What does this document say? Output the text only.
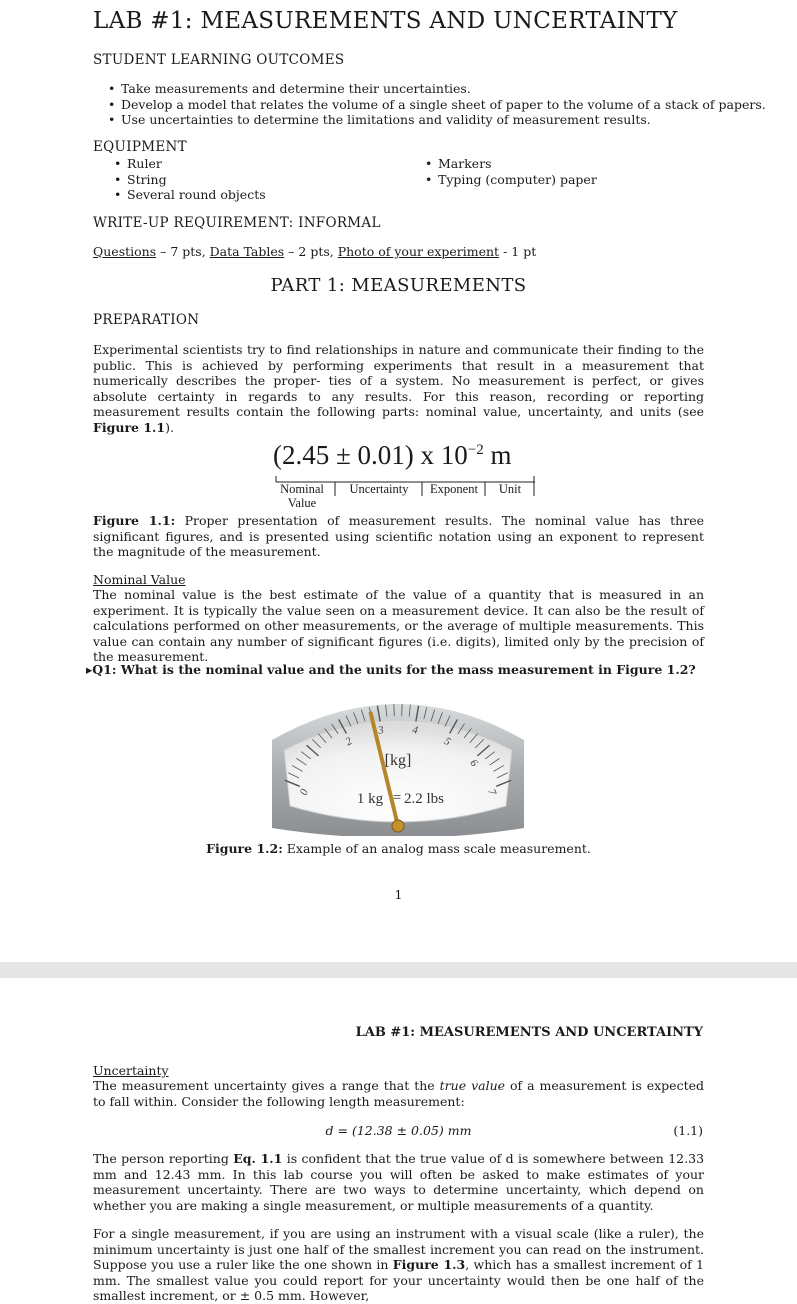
LAB #1: MEASUREMENTS AND UNCERTAINTY
STUDENT LEARNING OUTCOMES
• Take measurements and determine their uncertainties.
• Develop a model that relates the volume of a single sheet of paper to the volume of a stack of papers.
• Use uncertainties to determine the limitations and validity of measurement results.
EQUIPMENT
• Ruler
• String
• Several round objects
• Markers
• Typing (computer) paper
WRITE-UP REQUIREMENT: INFORMAL
Questions – 7 pts, Data Tables – 2 pts, Photo of your experiment - 1 pt
PART 1: MEASUREMENTS
PREPARATION
Experimental scientists try to find relationships in nature and communicate their finding to the public. This is achieved by performing experiments that result in a measurement that numerically describes the proper- ties of a system. No measurement is perfect, or gives absolute certainty in regards to any results. For this reason, recording or reporting measurement results contain the following parts: nominal value, uncertainty, and units (see Figure 1.1).
(2.45 ± 0.01) x $10^{-2}$ m
Nominal
Value
Uncertainty	Exponent	Unit
Figure 1.1: Proper presentation of measurement results. The nominal value has three significant figures, and is presented using scientific notation using an exponent to represent the magnitude of the measurement.
Nominal Value
The nominal value is the best estimate of the value of a quantity that is measured in an experiment. It is typically the value seen on a measurement device. It can also be the result of calculations performed on other measurements, or the average of multiple measurements. This value can contain any number of significant figures (i.e. digits), limited only by the precision of the measurement.
▸Q1: What is the nominal value and the units for the mass measurement in Figure 1.2?
0
2
3 4
5
6
7
[kg]
1 kg 2.2 lbs
=
Figure 1.2: Example of an analog mass scale measurement.
1
LAB #1: MEASUREMENTS AND UNCERTAINTY
Uncertainty
The measurement uncertainty gives a range that the true value of a measurement is expected to fall within. Consider the following length measurement:
d = (12.38 ± 0.05) mm	(1.1)
The person reporting Eq. 1.1 is confident that the true value of d is somewhere between 12.33 mm and 12.43 mm. In this lab course you will often be asked to make estimates of your measurement uncertainty. There are two ways to determine uncertainty, which depend on whether you are making a single measurement, or multiple measurements of a quantity.
For a single measurement, if you are using an instrument with a visual scale (like a ruler), the minimum uncertainty is just one half of the smallest increment you can read on the instrument. Suppose you use a ruler like the one shown in Figure 1.3, which has a smallest increment of 1 mm. The smallest value you could report for your uncertainty would then be one half of the smallest increment, or ± 0.5 mm. However,
